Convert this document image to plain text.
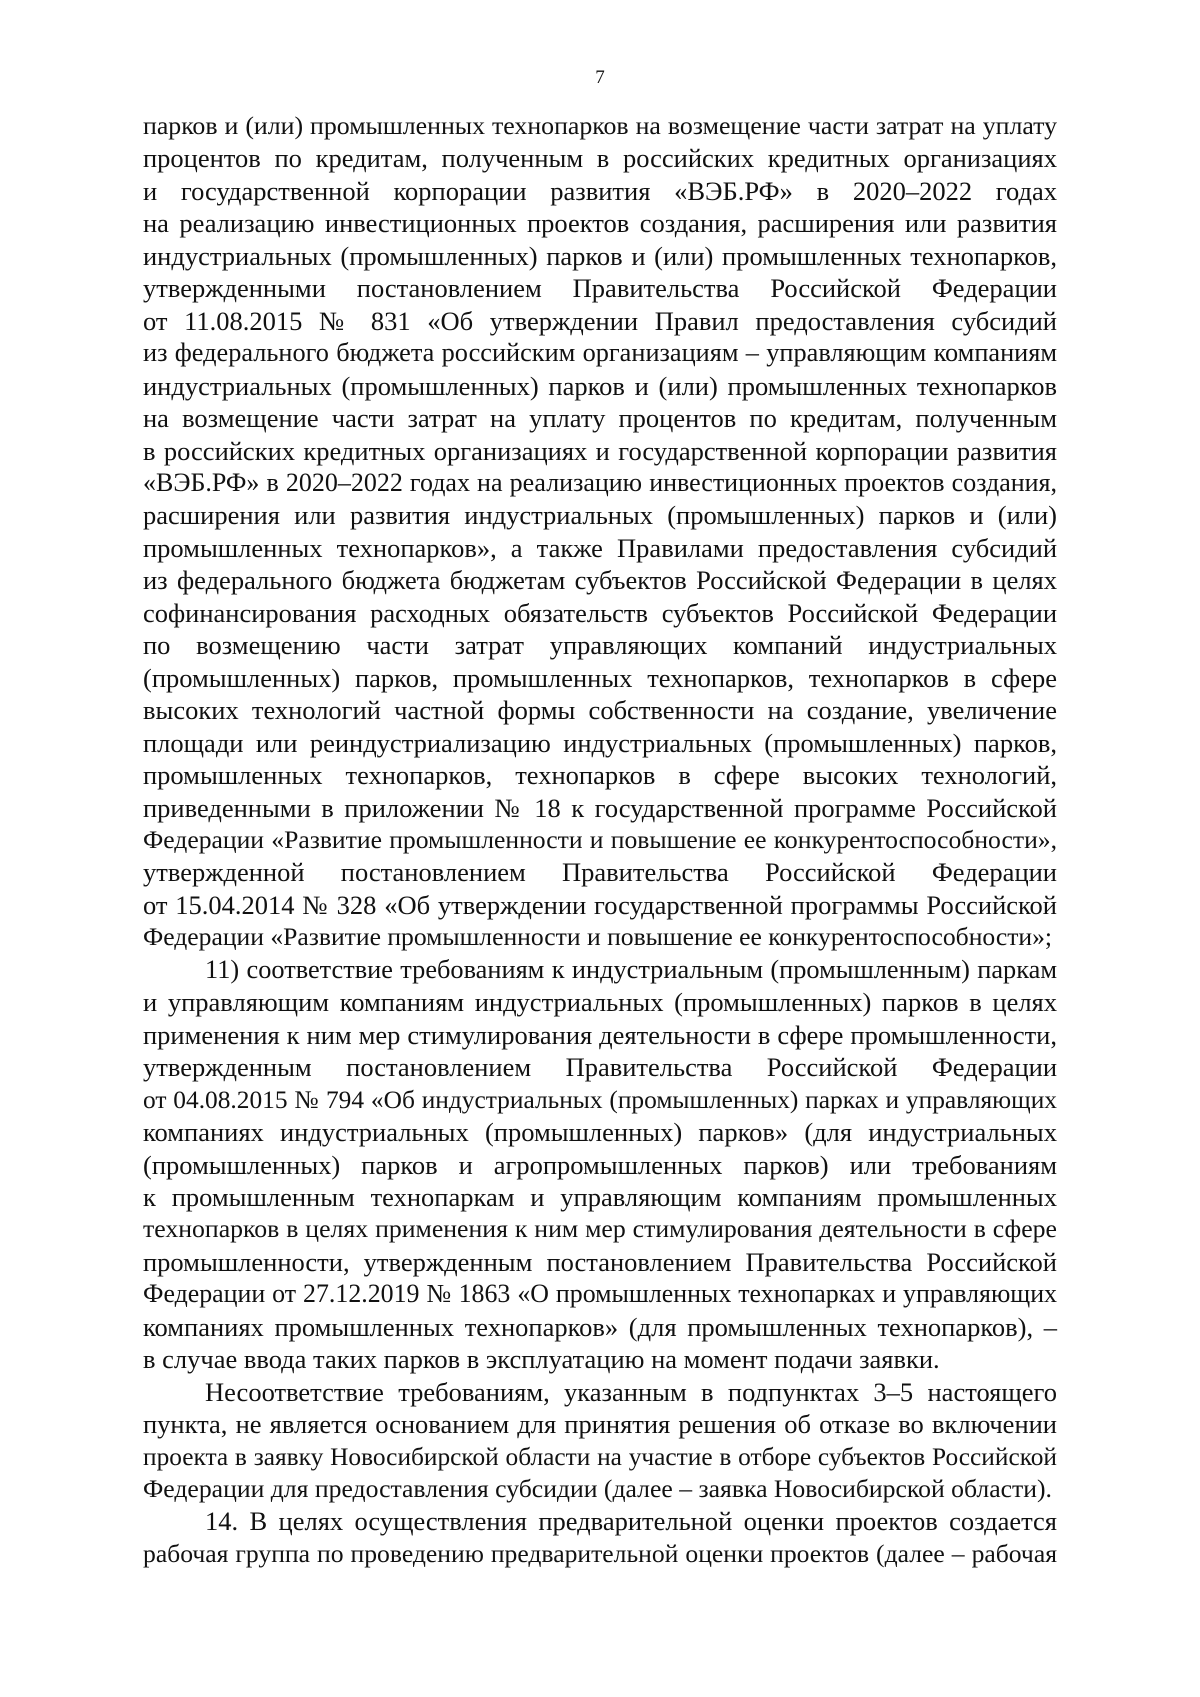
7
парков и (или) промышленных технопарков на возмещение части затрат на уплату
процентов по кредитам, полученным в российских кредитных организациях
и государственной корпорации развития «ВЭБ.РФ» в 2020–2022 годах
на реализацию инвестиционных проектов создания, расширения или развития
индустриальных (промышленных) парков и (или) промышленных технопарков,
утвержденными постановлением Правительства Российской Федерации
от 11.08.2015 № 831 «Об утверждении Правил предоставления субсидий
из федерального бюджета российским организациям – управляющим компаниям
индустриальных (промышленных) парков и (или) промышленных технопарков
на возмещение части затрат на уплату процентов по кредитам, полученным
в российских кредитных организациях и государственной корпорации развития
«ВЭБ.РФ» в 2020–2022 годах на реализацию инвестиционных проектов создания,
расширения или развития индустриальных (промышленных) парков и (или)
промышленных технопарков», а также Правилами предоставления субсидий
из федерального бюджета бюджетам субъектов Российской Федерации в целях
софинансирования расходных обязательств субъектов Российской Федерации
по возмещению части затрат управляющих компаний индустриальных
(промышленных) парков, промышленных технопарков, технопарков в сфере
высоких технологий частной формы собственности на создание, увеличение
площади или реиндустриализацию индустриальных (промышленных) парков,
промышленных технопарков, технопарков в сфере высоких технологий,
приведенными в приложении № 18 к государственной программе Российской
Федерации «Развитие промышленности и повышение ее конкурентоспособности»,
утвержденной постановлением Правительства Российской Федерации
от 15.04.2014 № 328 «Об утверждении государственной программы Российской
Федерации «Развитие промышленности и повышение ее конкурентоспособности»;
11) соответствие требованиям к индустриальным (промышленным) паркам
и управляющим компаниям индустриальных (промышленных) парков в целях
применения к ним мер стимулирования деятельности в сфере промышленности,
утвержденным постановлением Правительства Российской Федерации
от 04.08.2015 № 794 «Об индустриальных (промышленных) парках и управляющих
компаниях индустриальных (промышленных) парков» (для индустриальных
(промышленных) парков и агропромышленных парков) или требованиям
к промышленным технопаркам и управляющим компаниям промышленных
технопарков в целях применения к ним мер стимулирования деятельности в сфере
промышленности, утвержденным постановлением Правительства Российской
Федерации от 27.12.2019 № 1863 «О промышленных технопарках и управляющих
компаниях промышленных технопарков» (для промышленных технопарков), –
в случае ввода таких парков в эксплуатацию на момент подачи заявки.
Несоответствие требованиям, указанным в подпунктах 3–5 настоящего
пункта, не является основанием для принятия решения об отказе во включении
проекта в заявку Новосибирской области на участие в отборе субъектов Российской
Федерации для предоставления субсидии (далее – заявка Новосибирской области).
14. В целях осуществления предварительной оценки проектов создается
рабочая группа по проведению предварительной оценки проектов (далее – рабочая
